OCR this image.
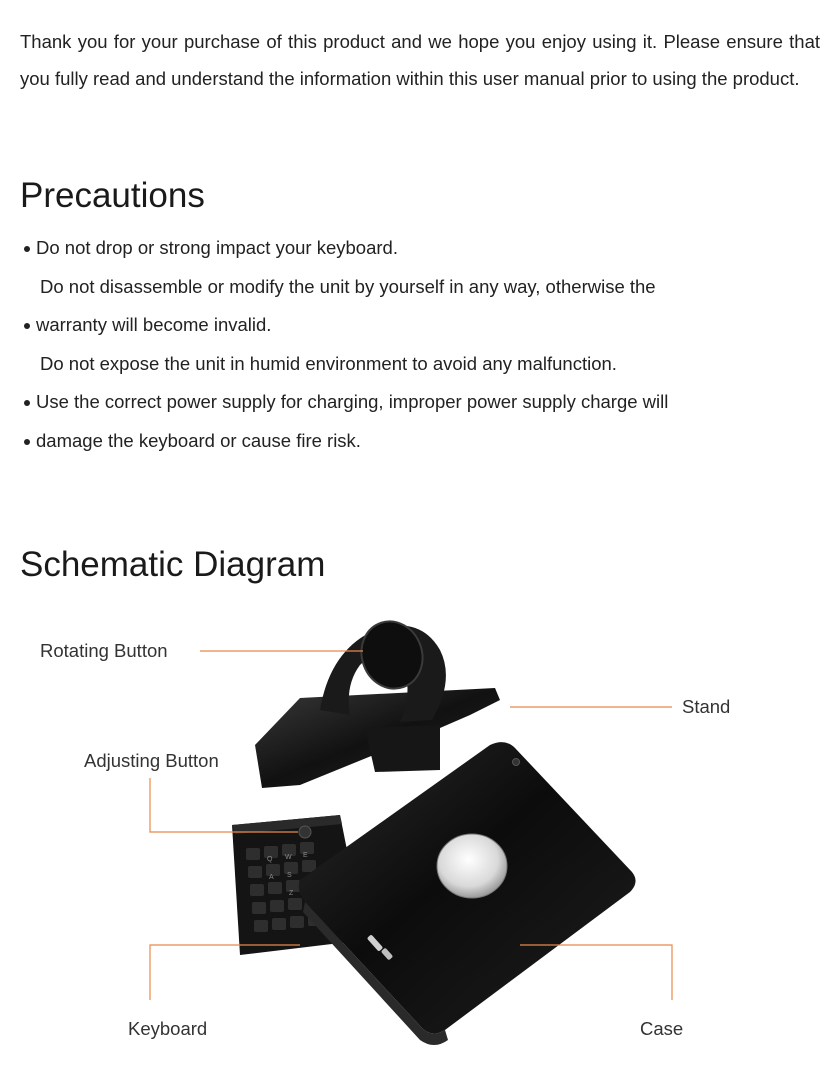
Thank you for your purchase of this product and we hope you enjoy using it. Please ensure that you fully read and understand the information within this user manual prior to using the product.

Precautions
Do not drop or strong impact your keyboard.
Do not disassemble or modify the unit by yourself in any way, otherwise the
warranty will become invalid.
Do not expose the unit in humid environment to avoid any malfunction.
Use the correct power supply for charging, improper power supply charge will
damage the keyboard or cause fire risk.
Schematic Diagram
Q W E
A S
Z
Rotating Button
Stand
Adjusting Button
Keyboard	Case
